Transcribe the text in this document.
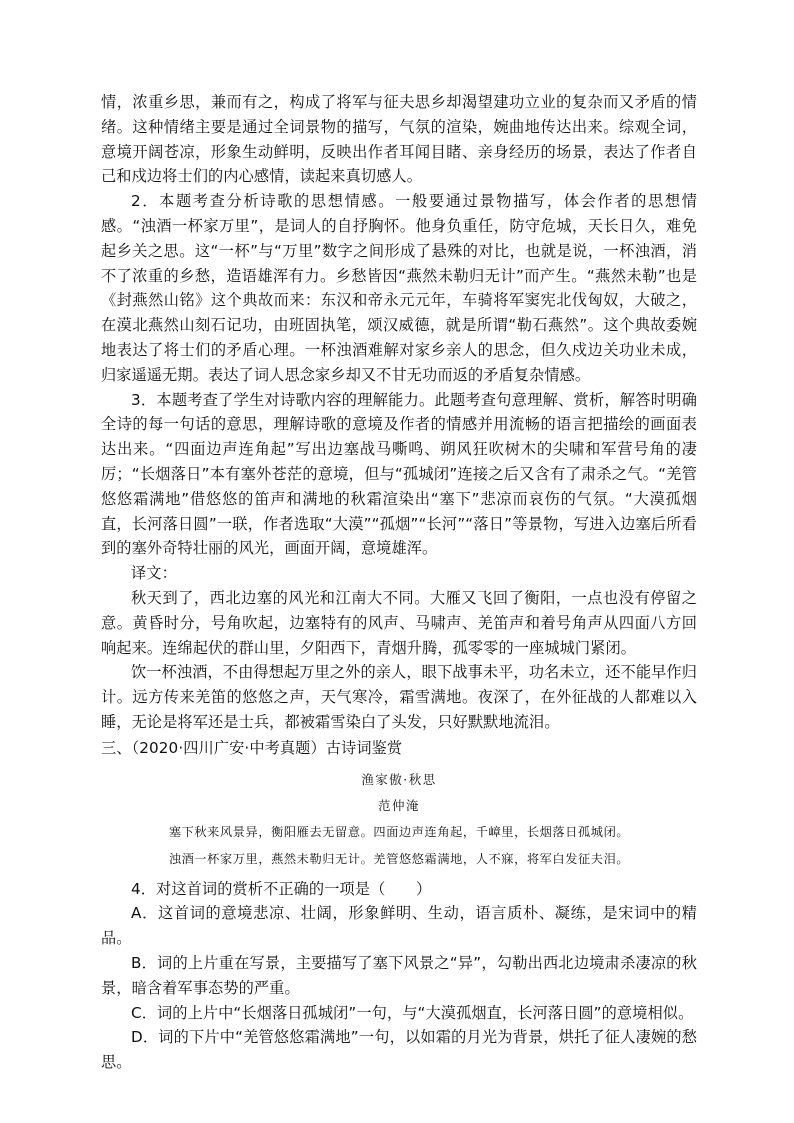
情，浓重乡思，兼而有之，构成了将军与征夫思乡却渴望建功立业的复杂而又矛盾的情绪。这种情绪主要是通过全词景物的描写，气氛的渲染，婉曲地传达出来。综观全词，意境开阔苍凉，形象生动鲜明，反映出作者耳闻目睹、亲身经历的场景，表达了作者自己和戍边将士们的内心感情，读起来真切感人。

2．本题考查分析诗歌的思想情感。一般要通过景物描写，体会作者的思想情感。“浊酒一杯家万里”，是词人的自抒胸怀。他身负重任，防守危城，天长日久，难免起乡关之思。这“一杯”与“万里”数字之间形成了悬殊的对比，也就是说，一杯浊酒，消不了浓重的乡愁，造语雄浑有力。乡愁皆因“燕然未勒归无计”而产生。“燕然未勒”也是《封燕然山铭》这个典故而来：东汉和帝永元元年，车骑将军窦宪北伐匈奴，大破之，在漠北燕然山刻石记功，由班固执笔，颂汉威德，就是所谓“勒石燕然”。这个典故委婉地表达了将士们的矛盾心理。一杯浊酒难解对家乡亲人的思念，但久戍边关功业未成，归家遥遥无期。表达了词人思念家乡却又不甘无功而返的矛盾复杂情感。

3．本题考查了学生对诗歌内容的理解能力。此题考查句意理解、赏析，解答时明确全诗的每一句话的意思，理解诗歌的意境及作者的情感并用流畅的语言把描绘的画面表达出来。“四面边声连角起”写出边塞战马嘶鸣、朔风狂吹树木的尖啸和军营号角的凄厉；“长烟落日”本有塞外苍茫的意境，但与“孤城闭”连接之后又含有了肃杀之气。“羌管悠悠霜满地”借悠悠的笛声和满地的秋霜渲染出“塞下”悲凉而哀伤的气氛。“大漠孤烟直，长河落日圆”一联，作者选取“大漠”“孤烟”“长河”“落日”等景物，写进入边塞后所看到的塞外奇特壮丽的风光，画面开阔，意境雄浑。

译文：

秋天到了，西北边塞的风光和江南大不同。大雁又飞回了衡阳，一点也没有停留之意。黄昏时分，号角吹起，边塞特有的风声、马啸声、羌笛声和着号角声从四面八方回响起来。连绵起伏的群山里，夕阳西下，青烟升腾，孤零零的一座城城门紧闭。

饮一杯浊酒，不由得想起万里之外的亲人，眼下战事未平，功名未立，还不能早作归计。远方传来羌笛的悠悠之声，天气寒冷，霜雪满地。夜深了，在外征战的人都难以入睡，无论是将军还是士兵，都被霜雪染白了头发，只好默默地流泪。

三、（2020·四川广安·中考真题）古诗词鉴赏

渔家傲·秋思
范仲淹
塞下秋来风景异，衡阳雁去无留意。四面边声连角起，千嶂里，长烟落日孤城闭。
浊酒一杯家万里，燕然未勒归无计。羌管悠悠霜满地，人不寐，将军白发征夫泪。

4．对这首词的赏析不正确的一项是（　　）

A．这首词的意境悲凉、壮阔，形象鲜明、生动，语言质朴、凝练，是宋词中的精品。

B．词的上片重在写景，主要描写了塞下风景之“异”，勾勒出西北边境肃杀凄凉的秋景，暗含着军事态势的严重。

C．词的上片中“长烟落日孤城闭”一句，与“大漠孤烟直，长河落日圆”的意境相似。

D．词的下片中“羌管悠悠霜满地”一句，以如霜的月光为背景，烘托了征人凄婉的愁思。
